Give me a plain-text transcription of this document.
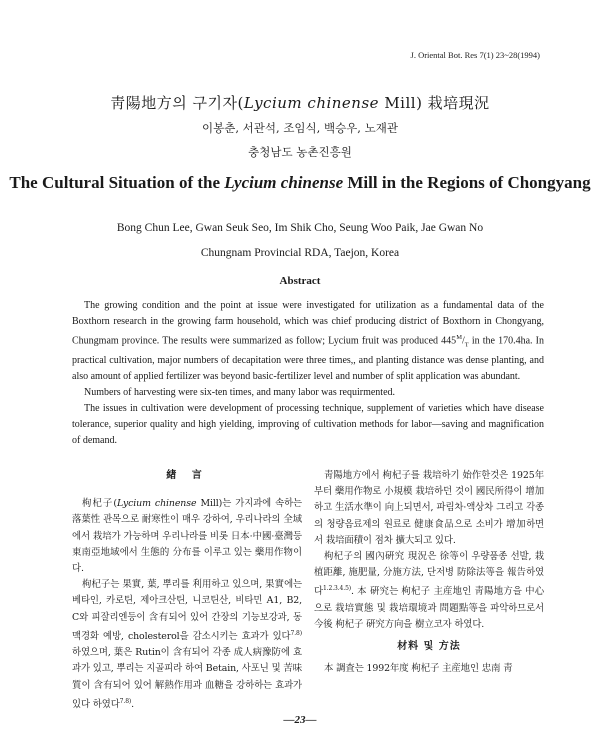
J. Oriental Bot. Res 7(1) 23~28(1994)
靑陽地方의 구기자(Lycium chinense Mill) 栽培現況
이봉춘, 서관석, 조임식, 백승우, 노재관
충청남도 농촌진흥원
The Cultural Situation of the Lycium chinense Mill in the Regions of Chongyang
Bong Chun Lee, Gwan Seuk Seo, Im Shik Cho, Seung Woo Paik, Jae Gwan No
Chungnam Provincial RDA, Taejon, Korea
Abstract

The growing condition and the point at issue were investigated for utilization as a fundamental data of the Boxthorn research in the growing farm household, which was chief producing district of Boxthorn in Chongyang, Chungmam province. The results were summarized as follow; Lycium fruit was produced $445^M/_T$ in the 170.4ha. In practical cultivation, major numbers of decapitation were three times,, and planting distance was dense planting, and also amount of applied fertilizer was beyond basic-fertilizer level and number of split application was abundant.

Numbers of harvesting were six-ten times, and many labor was requirmented.

The issues in cultivation were development of processing technique, supplement of varieties which have disease tolerance, superior quality and high yielding, improving of cultivation methods for labor—saving and magnification of demand.

緖 言

枸杞子(Lycium chinense Mill)는 가지과에 속하는 落葉性 관목으로 耐寒性이 매우 강하여, 우리나라의 全域에서 栽培가 가능하며 우리나라를 비롯 日本·中國·臺灣등 東南亞地域에서 生態的 分布를 이루고 있는 藥用作物이다.

枸杞子는 果實, 葉, 뿌리를 利用하고 있으며, 果實에는 베타인, 카로틴, 제아크산틴, 니코틴산, 비타민 A1, B2, C와 피잘리엔등이 含有되어 있어 간장의 기능보강과, 동맥경화 예방, cholesterol을 감소시키는 효과가 있다$^{7.8)}$ 하였으며, 葉은 Rutin이 含有되어 각종 成人病豫防에 효과가 있고, 뿌리는 지골피라 하여 Betain, 사포닌 및 苦味質이 含有되어 있어 解熱作用과 血糖을 강하하는 효과가 있다 하였다$^{7.8)}$.

靑陽地方에서 枸杞子를 栽培하기 始作한것은 1925年부터 藥用作物로 小規模 栽培하던 것이 國民所得이 增加하고 生活水準이 向上되면서, 파림차·액상차 그리고 각종의 청량음료제의 원료로 健康食品으로 소비가 增加하면서 栽培面積이 점차 擴大되고 있다.

枸杞子의 國內硏究 現況은 徐等이 우량품종 선발, 栽植距離, 施肥量, 分施方法, 단저병 防除法等을 報告하였다$^{1.2.3.4.5)}$. 本 硏究는 枸杞子 主産地인 靑陽地方을 中心으로 栽培實態 및 栽培環境과 問題點等을 파악하므로서 今後 枸杞子 硏究方向을 樹立코자 하였다.

材料 및 方法

本 調査는 1992年度 枸杞子 主産地인 忠南 靑

—23—
